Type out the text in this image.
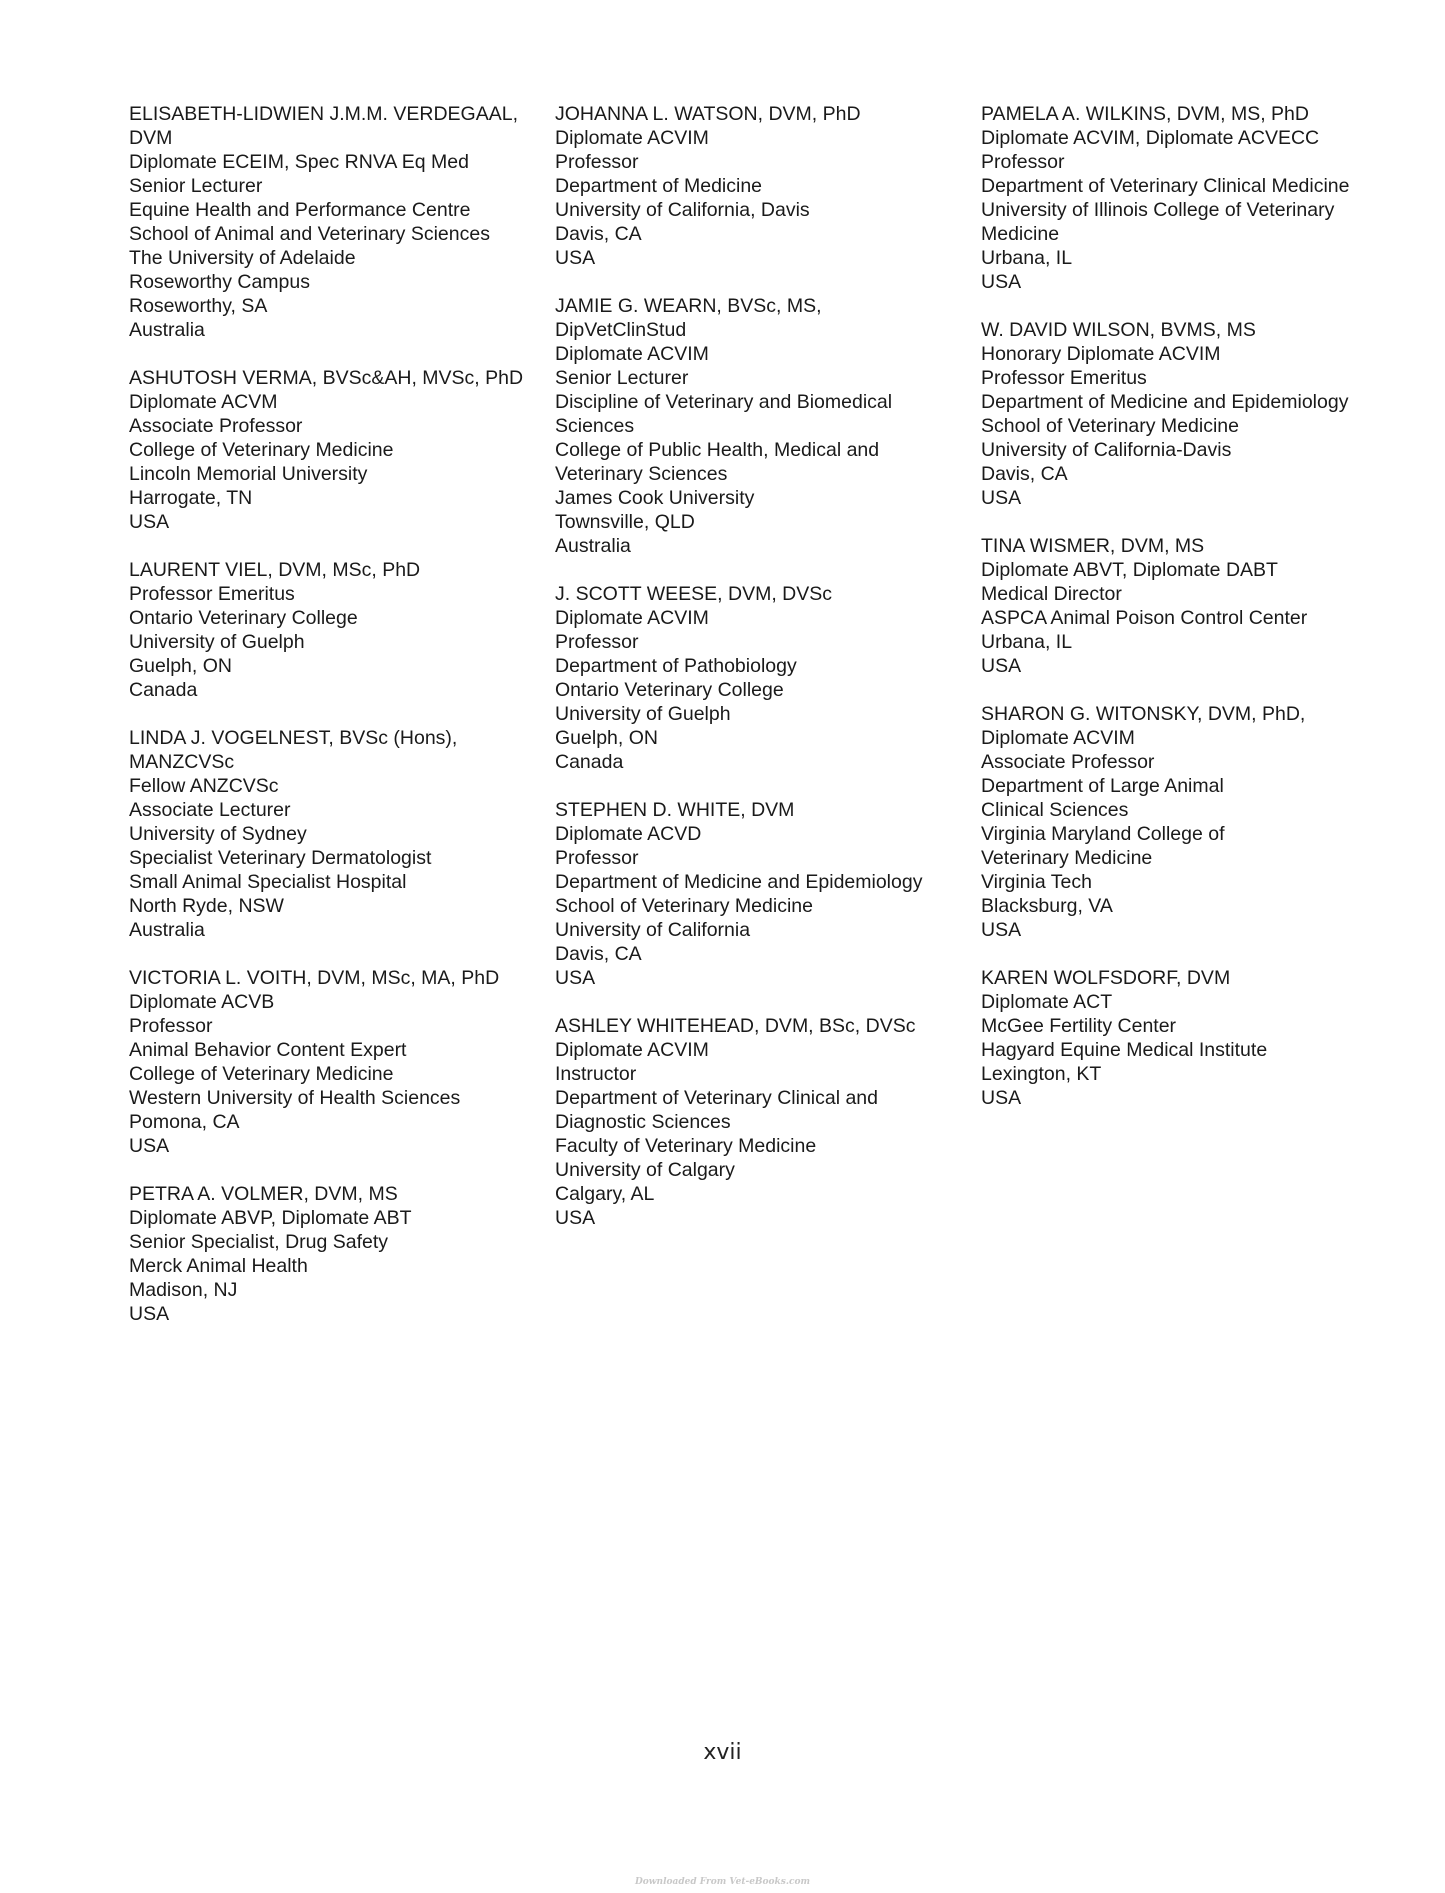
ELISABETH-LIDWIEN J.M.M. VERDEGAAL,
DVM
Diplomate ECEIM, Spec RNVA Eq Med
Senior Lecturer
Equine Health and Performance Centre
School of Animal and Veterinary Sciences
The University of Adelaide
Roseworthy Campus
Roseworthy, SA
Australia
ASHUTOSH VERMA, BVSc&AH, MVSc, PhD
Diplomate ACVM
Associate Professor
College of Veterinary Medicine
Lincoln Memorial University
Harrogate, TN
USA
LAURENT VIEL, DVM, MSc, PhD
Professor Emeritus
Ontario Veterinary College
University of Guelph
Guelph, ON
Canada
LINDA J. VOGELNEST, BVSc (Hons),
MANZCVSc
Fellow ANZCVSc
Associate Lecturer
University of Sydney
Specialist Veterinary Dermatologist
Small Animal Specialist Hospital
North Ryde, NSW
Australia
VICTORIA L. VOITH, DVM, MSc, MA, PhD
Diplomate ACVB
Professor
Animal Behavior Content Expert
College of Veterinary Medicine
Western University of Health Sciences
Pomona, CA
USA
PETRA A. VOLMER, DVM, MS
Diplomate ABVP, Diplomate ABT
Senior Specialist, Drug Safety
Merck Animal Health
Madison, NJ
USA
JOHANNA L. WATSON, DVM, PhD
Diplomate ACVIM
Professor
Department of Medicine
University of California, Davis
Davis, CA
USA
JAMIE G. WEARN, BVSc, MS,
DipVetClinStud
Diplomate ACVIM
Senior Lecturer
Discipline of Veterinary and Biomedical
Sciences
College of Public Health, Medical and
Veterinary Sciences
James Cook University
Townsville, QLD
Australia
J. SCOTT WEESE, DVM, DVSc
Diplomate ACVIM
Professor
Department of Pathobiology
Ontario Veterinary College
University of Guelph
Guelph, ON
Canada
STEPHEN D. WHITE, DVM
Diplomate ACVD
Professor
Department of Medicine and Epidemiology
School of Veterinary Medicine
University of California
Davis, CA
USA
ASHLEY WHITEHEAD, DVM, BSc, DVSc
Diplomate ACVIM
Instructor
Department of Veterinary Clinical and
Diagnostic Sciences
Faculty of Veterinary Medicine
University of Calgary
Calgary, AL
USA
PAMELA A. WILKINS, DVM, MS, PhD
Diplomate ACVIM, Diplomate ACVECC
Professor
Department of Veterinary Clinical Medicine
University of Illinois College of Veterinary
Medicine
Urbana, IL
USA
W. DAVID WILSON, BVMS, MS
Honorary Diplomate ACVIM
Professor Emeritus
Department of Medicine and Epidemiology
School of Veterinary Medicine
University of California-Davis
Davis, CA
USA
TINA WISMER, DVM, MS
Diplomate ABVT, Diplomate DABT
Medical Director
ASPCA Animal Poison Control Center
Urbana, IL
USA
SHARON G. WITONSKY, DVM, PhD,
Diplomate ACVIM
Associate Professor
Department of Large Animal
Clinical Sciences
Virginia Maryland College of
Veterinary Medicine
Virginia Tech
Blacksburg, VA
USA
KAREN WOLFSDORF, DVM
Diplomate ACT
McGee Fertility Center
Hagyard Equine Medical Institute
Lexington, KT
USA
xvii
Downloaded From Vet-eBooks.com
